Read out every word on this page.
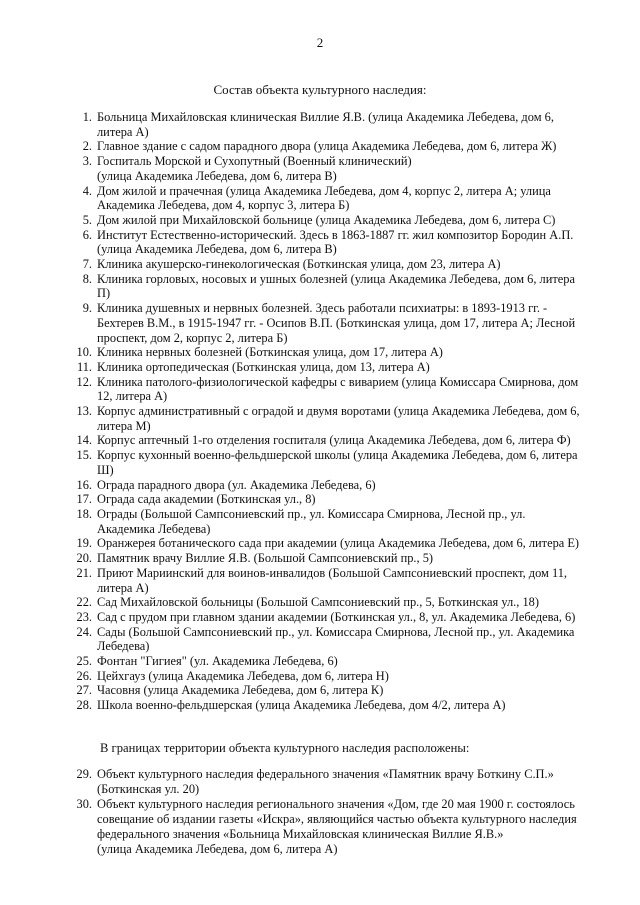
2
Состав объекта культурного наследия:
1. Больница Михайловская клиническая Виллие Я.В. (улица Академика Лебедева, дом 6,
литера А)
2. Главное здание с садом парадного двора (улица Академика Лебедева, дом 6, литера Ж)
3. Госпиталь Морской и Сухопутный (Военный клинический)
(улица Академика Лебедева, дом 6, литера В)
4. Дом жилой и прачечная (улица Академика Лебедева, дом 4, корпус 2, литера А; улица
Академика Лебедева, дом 4, корпус 3, литера Б)
5. Дом жилой при Михайловской больнице (улица Академика Лебедева, дом 6, литера С)
6. Институт Естественно-исторический. Здесь в 1863-1887 гг. жил композитор Бородин А.П.
(улица Академика Лебедева, дом 6, литера В)
7. Клиника акушерско-гинекологическая (Боткинская улица, дом 23, литера А)
8. Клиника горловых, носовых и ушных болезней (улица Академика Лебедева, дом 6, литера
П)
9. Клиника душевных и нервных болезней. Здесь работали психиатры: в 1893-1913 гг. -
Бехтерев В.М., в 1915-1947 гг. - Осипов В.П. (Боткинская улица, дом 17, литера А; Лесной
проспект, дом 2, корпус 2, литера Б)
10. Клиника нервных болезней (Боткинская улица, дом 17, литера А)
11. Клиника ортопедическая (Боткинская улица, дом 13, литера А)
12. Клиника патолого-физиологической кафедры с виварием (улица Комиссара Смирнова, дом
12, литера А)
13. Корпус административный с оградой и двумя воротами (улица Академика Лебедева, дом 6,
литера М)
14. Корпус аптечный 1-го отделения госпиталя (улица Академика Лебедева, дом 6, литера Ф)
15. Корпус кухонный военно-фельдшерской школы (улица Академика Лебедева, дом 6, литера
Ш)
16. Ограда парадного двора (ул. Академика Лебедева, 6)
17. Ограда сада академии (Боткинская ул., 8)
18. Ограды (Большой Сампсониевский пр., ул. Комиссара Смирнова, Лесной пр., ул.
Академика Лебедева)
19. Оранжерея ботанического сада при академии (улица Академика Лебедева, дом 6, литера Е)
20. Памятник врачу Виллие Я.В. (Большой Сампсониевский пр., 5)
21. Приют Мариинский для воинов-инвалидов (Большой Сампсониевский проспект, дом 11,
литера А)
22. Сад Михайловской больницы (Большой Сампсониевский пр., 5, Боткинская ул., 18)
23. Сад с прудом при главном здании академии (Боткинская ул., 8, ул. Академика Лебедева, 6)
24. Сады (Большой Сампсониевский пр., ул. Комиссара Смирнова, Лесной пр., ул. Академика
Лебедева)
25. Фонтан "Гигиея" (ул. Академика Лебедева, 6)
26. Цейхгауз (улица Академика Лебедева, дом 6, литера Н)
27. Часовня (улица Академика Лебедева, дом 6, литера К)
28. Школа военно-фельдшерская (улица Академика Лебедева, дом 4/2, литера А)
В границах территории объекта культурного наследия расположены:
29. Объект культурного наследия федерального значения «Памятник врачу Боткину С.П.»
(Боткинская ул. 20)
30. Объект культурного наследия регионального значения «Дом, где 20 мая 1900 г. состоялось
совещание об издании газеты «Искра», являющийся частью объекта культурного наследия
федерального значения «Больница Михайловская клиническая Виллие Я.В.»
(улица Академика Лебедева, дом 6, литера А)
